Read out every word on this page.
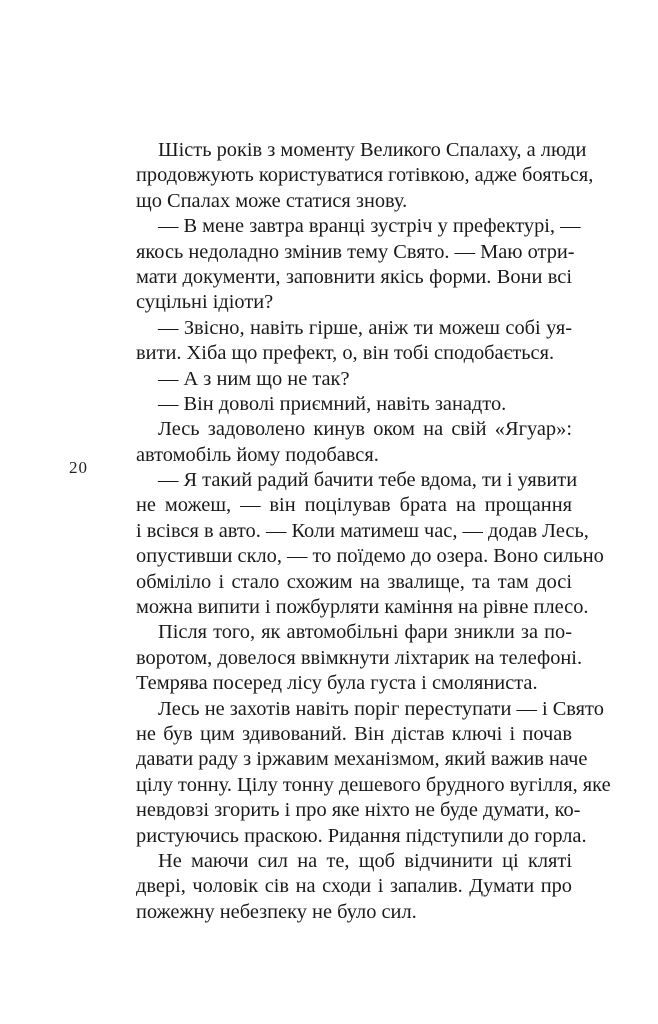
20
Шість років з моменту Великого Спалаху, а люди
продовжують користуватися готівкою, адже бояться,
що Спалах може статися знову.
— В мене завтра вранці зустріч у префектурі, —
якось недоладно змінив тему Свято. — Маю отри-
мати документи, заповнити якісь форми. Вони всі
суцільні ідіоти?
— Звісно, навіть гірше, аніж ти можеш собі уя-
вити. Хіба що префект, о, він тобі сподобається.
— А з ним що не так?
— Він доволі приємний, навіть занадто.
Лесь задоволено кинув оком на свій «Ягуар»:
автомобіль йому подобався.
— Я такий радий бачити тебе вдома, ти і уявити
не можеш, — він поцілував брата на прощання
і всівся в авто. — Коли матимеш час, — додав Лесь,
опустивши скло, — то поїдемо до озера. Воно сильно
обміліло і стало схожим на звалище, та там досі
можна випити і пожбурляти каміння на рівне плесо.
Після того, як автомобільні фари зникли за по-
воротом, довелося ввімкнути ліхтарик на телефоні.
Темрява посеред лісу була густа і смоляниста.
Лесь не захотів навіть поріг переступати — і Свято
не був цим здивований. Він дістав ключі і почав
давати раду з іржавим механізмом, який важив наче
цілу тонну. Цілу тонну дешевого брудного вугілля, яке
невдовзі згорить і про яке ніхто не буде думати, ко-
ристуючись праскою. Ридання підступили до горла.
Не маючи сил на те, щоб відчинити ці кляті
двері, чоловік сів на сходи і запалив. Думати про
пожежну небезпеку не було сил.
